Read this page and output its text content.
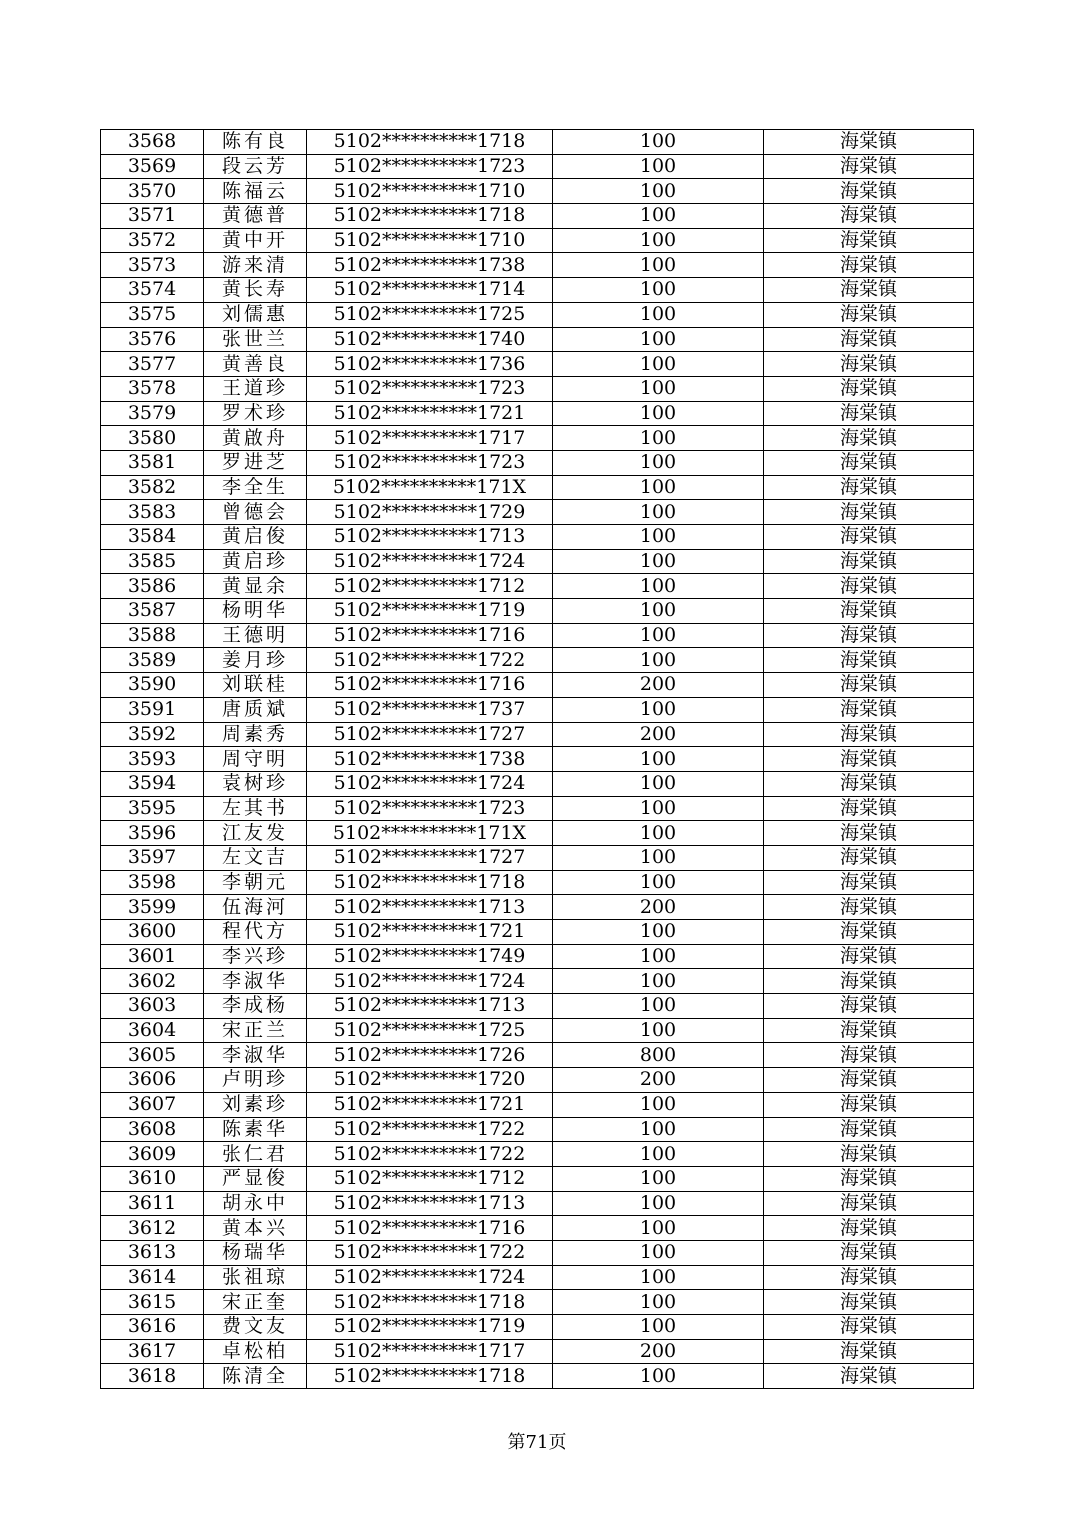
3568	陈有良	5102**********1718	100	海棠镇
3569	段云芳	5102**********1723	100	海棠镇
3570	陈福云	5102**********1710	100	海棠镇
3571	黄德普	5102**********1718	100	海棠镇
3572	黄中开	5102**********1710	100	海棠镇
3573	游来清	5102**********1738	100	海棠镇
3574	黄长寿	5102**********1714	100	海棠镇
3575	刘儒惠	5102**********1725	100	海棠镇
3576	张世兰	5102**********1740	100	海棠镇
3577	黄善良	5102**********1736	100	海棠镇
3578	王道珍	5102**********1723	100	海棠镇
3579	罗术珍	5102**********1721	100	海棠镇
3580	黄啟舟	5102**********1717	100	海棠镇
3581	罗进芝	5102**********1723	100	海棠镇
3582	李全生	5102**********171X	100	海棠镇
3583	曾德会	5102**********1729	100	海棠镇
3584	黄启俊	5102**********1713	100	海棠镇
3585	黄启珍	5102**********1724	100	海棠镇
3586	黄显余	5102**********1712	100	海棠镇
3587	杨明华	5102**********1719	100	海棠镇
3588	王德明	5102**********1716	100	海棠镇
3589	姜月珍	5102**********1722	100	海棠镇
3590	刘联桂	5102**********1716	200	海棠镇
3591	唐质斌	5102**********1737	100	海棠镇
3592	周素秀	5102**********1727	200	海棠镇
3593	周守明	5102**********1738	100	海棠镇
3594	袁树珍	5102**********1724	100	海棠镇
3595	左其书	5102**********1723	100	海棠镇
3596	江友发	5102**********171X	100	海棠镇
3597	左文吉	5102**********1727	100	海棠镇
3598	李朝元	5102**********1718	100	海棠镇
3599	伍海河	5102**********1713	200	海棠镇
3600	程代方	5102**********1721	100	海棠镇
3601	李兴珍	5102**********1749	100	海棠镇
3602	李淑华	5102**********1724	100	海棠镇
3603	李成杨	5102**********1713	100	海棠镇
3604	宋正兰	5102**********1725	100	海棠镇
3605	李淑华	5102**********1726	800	海棠镇
3606	卢明珍	5102**********1720	200	海棠镇
3607	刘素珍	5102**********1721	100	海棠镇
3608	陈素华	5102**********1722	100	海棠镇
3609	张仁君	5102**********1722	100	海棠镇
3610	严显俊	5102**********1712	100	海棠镇
3611	胡永中	5102**********1713	100	海棠镇
3612	黄本兴	5102**********1716	100	海棠镇
3613	杨瑞华	5102**********1722	100	海棠镇
3614	张祖琼	5102**********1724	100	海棠镇
3615	宋正奎	5102**********1718	100	海棠镇
3616	费文友	5102**********1719	100	海棠镇
3617	卓松柏	5102**********1717	200	海棠镇
3618	陈清全	5102**********1718	100	海棠镇
第71页
